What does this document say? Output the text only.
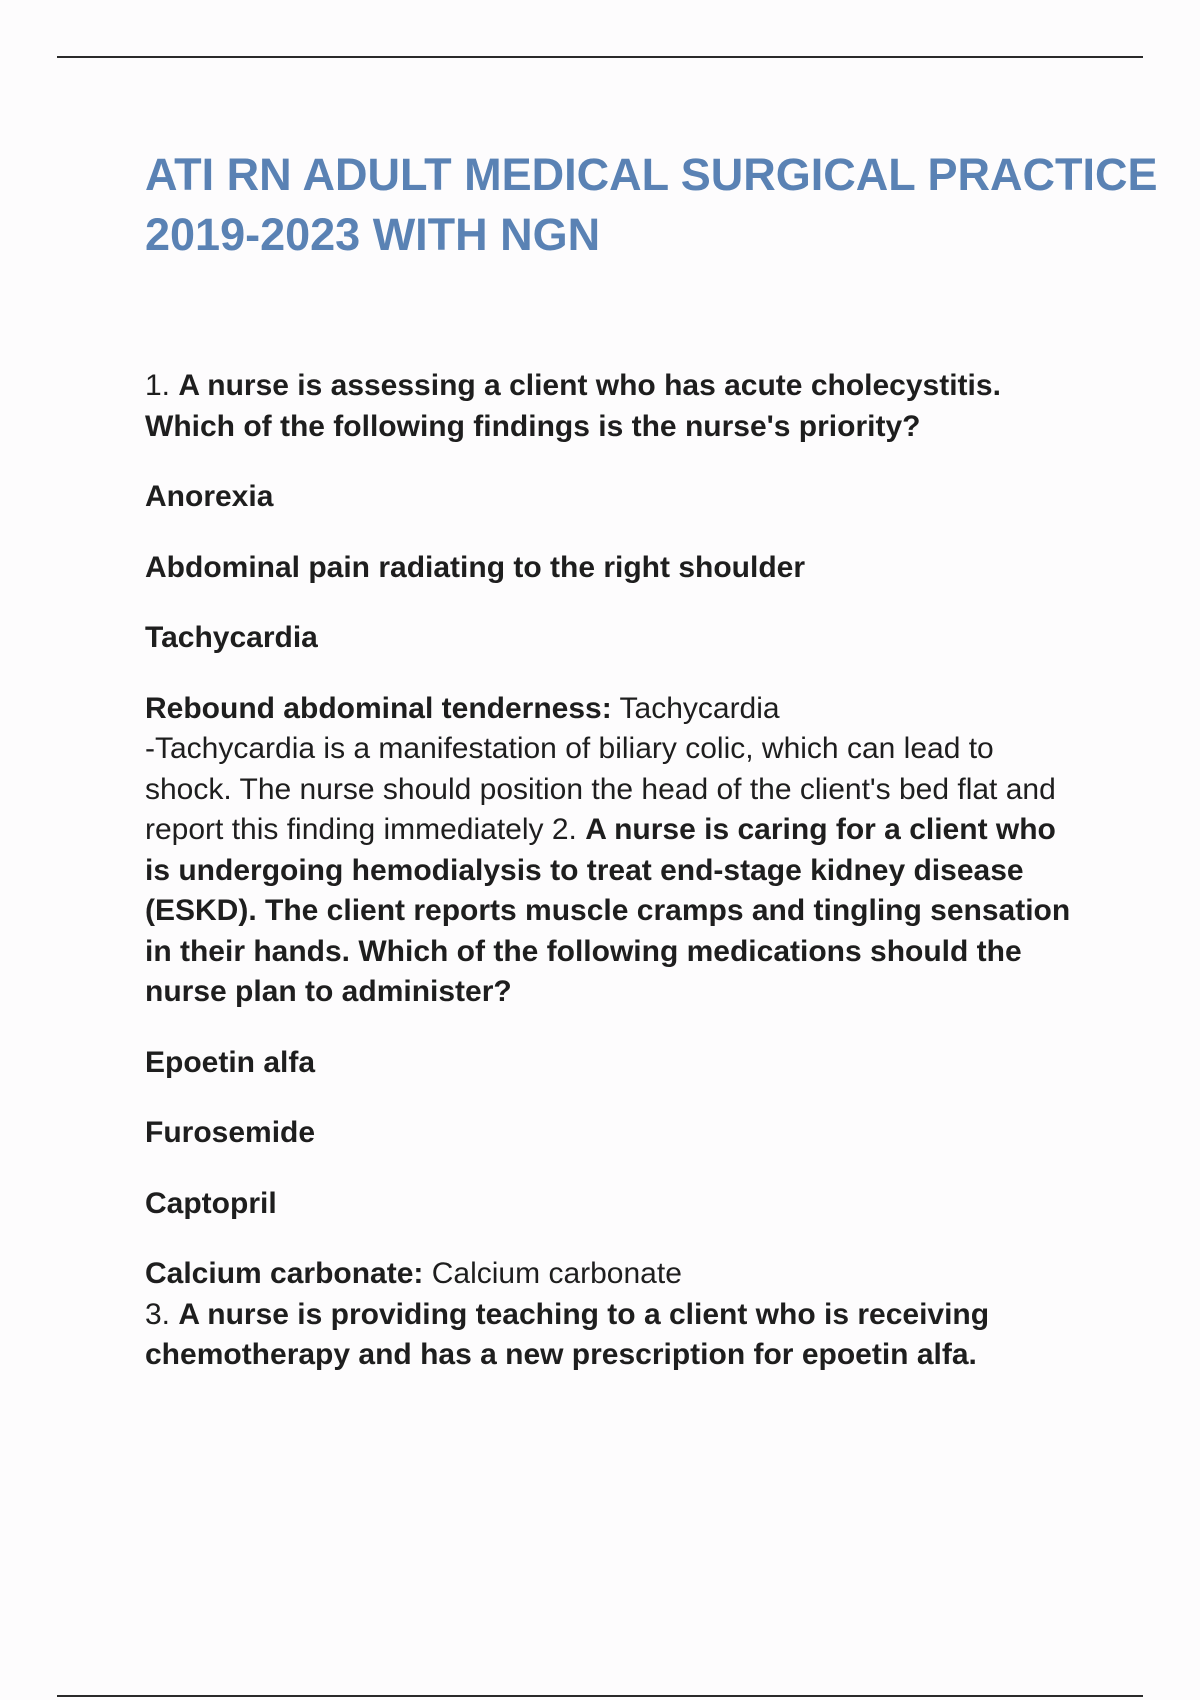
ATI RN ADULT MEDICAL SURGICAL PRACTICE
2019-2023 WITH NGN

1. A nurse is assessing a client who has acute cholecystitis. Which of the following findings is the nurse's priority?

Anorexia

Abdominal pain radiating to the right shoulder

Tachycardia

Rebound abdominal tenderness: Tachycardia

-Tachycardia is a manifestation of biliary colic, which can lead to shock. The nurse should position the head of the client's bed flat and report this finding immediately 2. A nurse is caring for a client who is undergoing hemodialysis to treat end-stage kidney disease (ESKD). The client reports muscle cramps and tingling sensation in their hands. Which of the following medications should the nurse plan to administer?

Epoetin alfa

Furosemide

Captopril

Calcium carbonate: Calcium carbonate

3. A nurse is providing teaching to a client who is receiving chemotherapy and has a new prescription for epoetin alfa.
